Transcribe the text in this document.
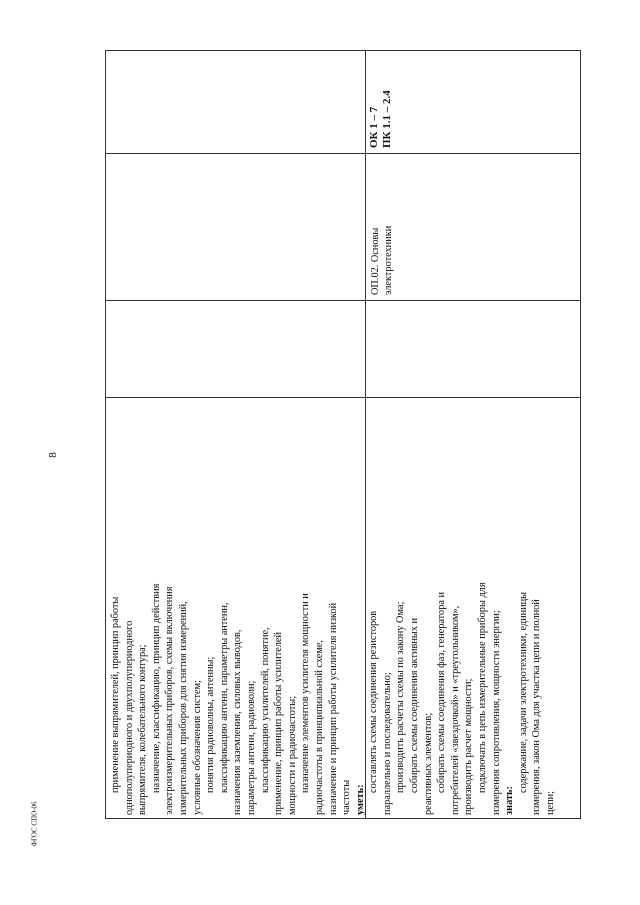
8
ФГОС СПО-06

применение выпрямителей, принцип работы однополупериодного и двухполупериодного выпрямителя, колебательного контура; назначение, классификацию, принцип действия электроизмерительных приборов, схемы включения измерительных приборов для снятия измерений, условные обозначения систем; понятия радиоволны, антенны; классификацию антенн, параметры антенн, назначения заземления, силовых выводов, параметры антенн, радиоволн; классификацию усилителей, понятие, применение, принцип работы усилителей мощности и радиочастоты; назначение элементов усилителя мощности и радиочастоты в принципиальной схеме, назначение и принцип работы усилителя низкой частоты уметь:

составлять схемы соединения резисторов параллельно и последовательно; производить расчеты схемы по закону Ома; собирать схемы соединения активных и реактивных элементов; собирать схемы соединения фаз, генератора и потребителей «звездочкой» и «треугольником», производить расчет мощности; подключать в цепь измерительные приборы для измерения сопротивления, мощности энергии; знать:

содержание, задачи электротехники, единицы измерения, закон Ома для участка цепи и полной цепи;

ОП.02. Основы электротехники

ОК 1 – 7 ПК 1.1 – 2.4
